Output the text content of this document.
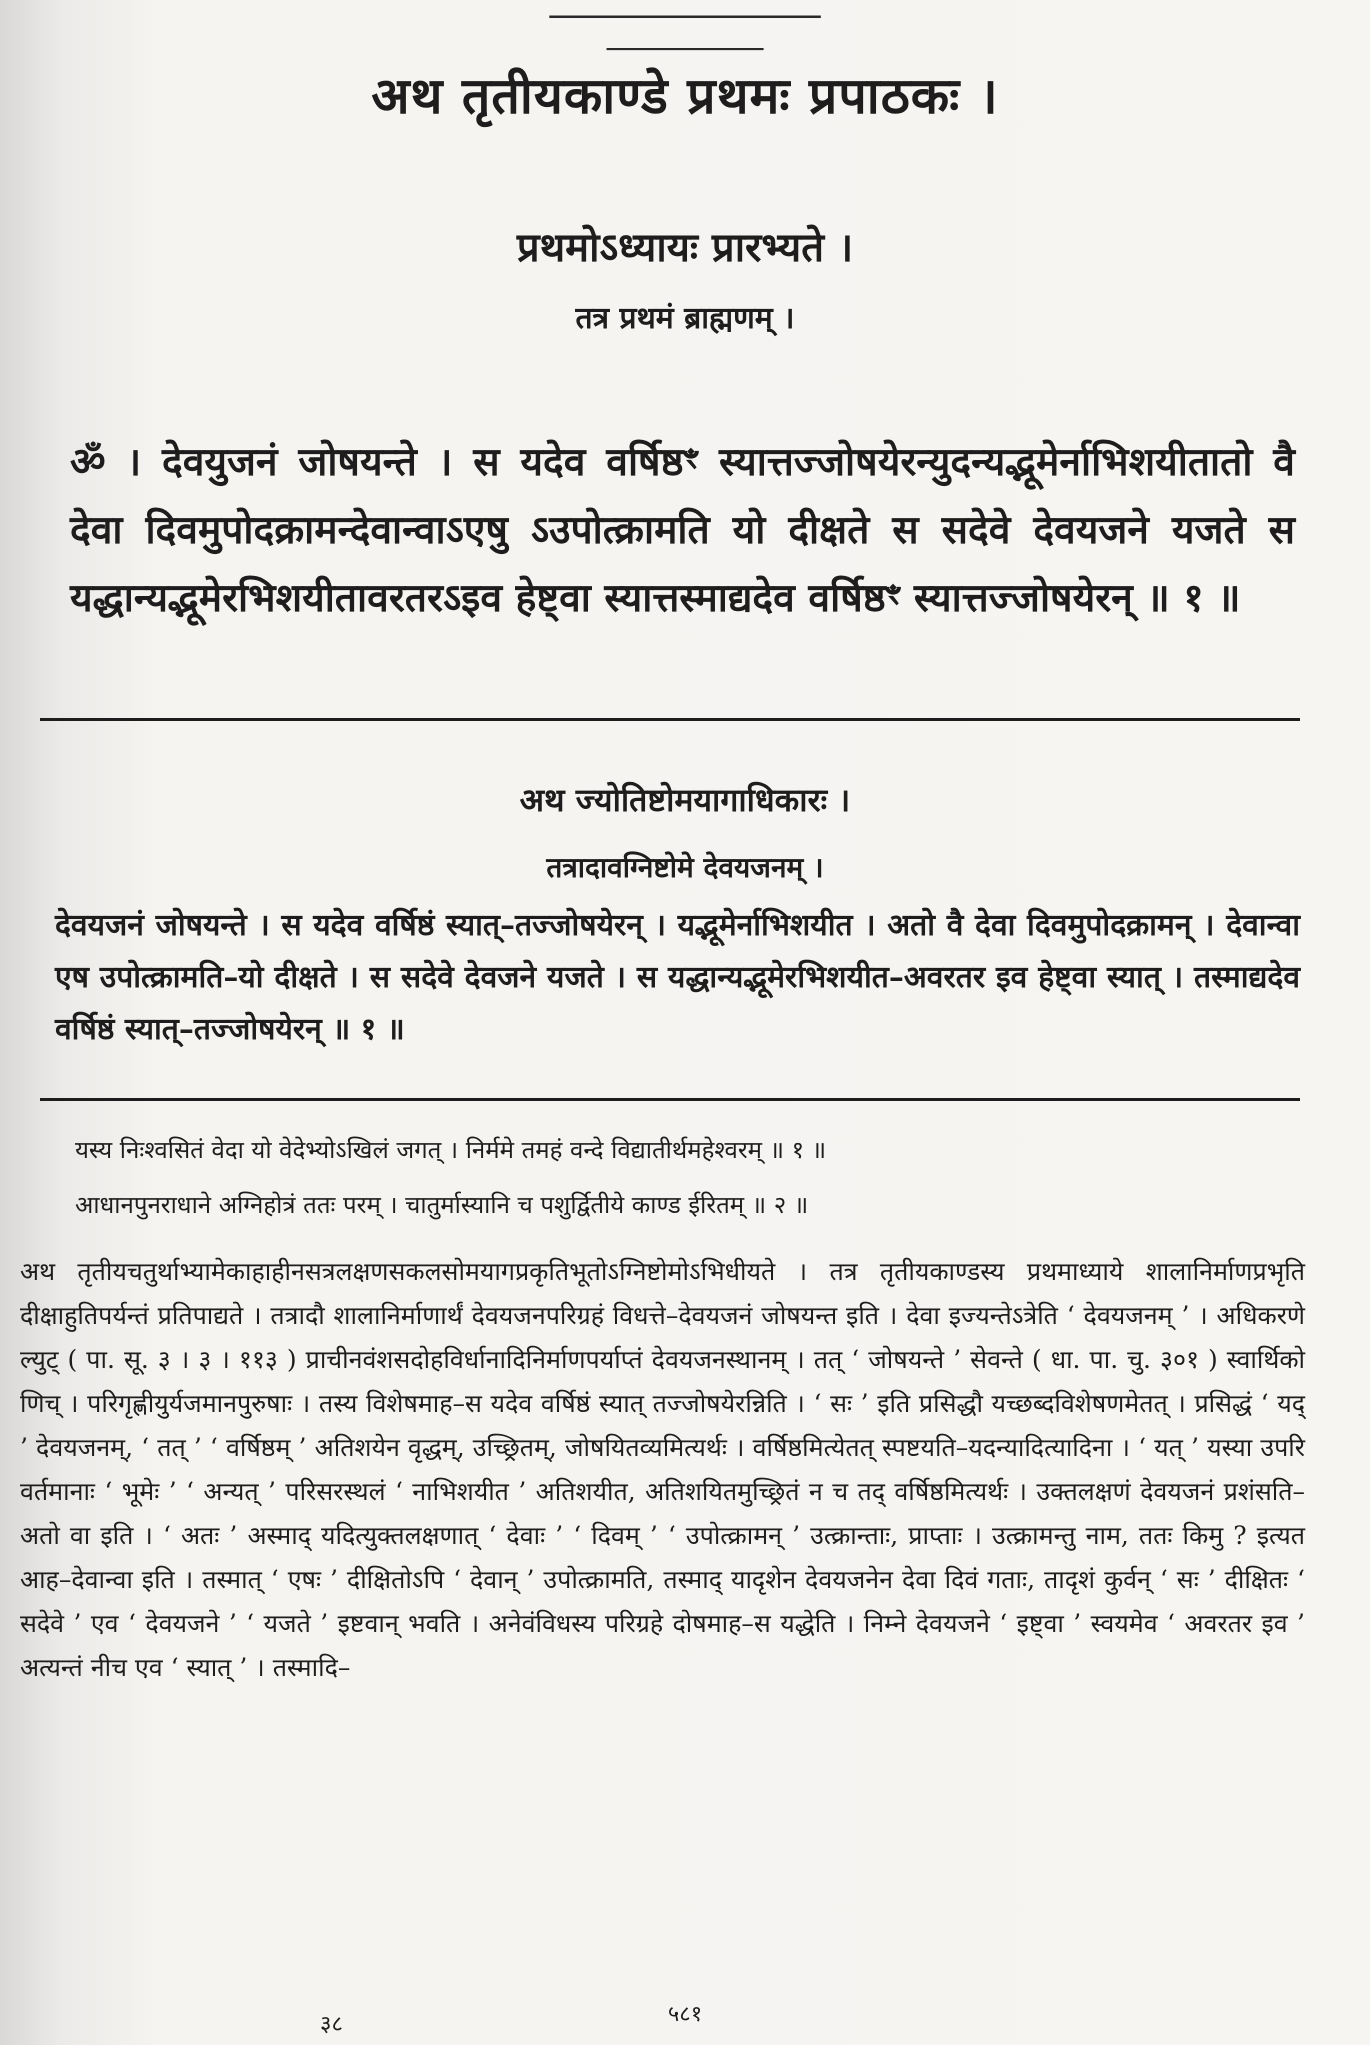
अथ तृतीयकाण्डे प्रथमः प्रपाठकः ।
───────────────
प्रथमोऽध्यायः प्रारभ्यते ।
तत्र प्रथमं ब्राह्मणम् ।
──────────
ॐ । देवयुजनं जोषयन्ते । स यदेव वर्षिष्ठꣳ स्यात्तज्जोषयेरन्युदन्यद्भूमेर्नाभिशयीतातो वै देवा दिवमुपोदक्रामन्देवान्वाऽएषु ऽउपोत्क्रामति यो दीक्षते स सदेवे देवयजने यजते स यद्धान्यद्भूमेरभिशयीतावरतरऽइव हेष्ट्वा स्यात्तस्माद्यदेव वर्षिष्ठꣳ स्यात्तज्जोषयेरन् ॥ १ ॥
अथ ज्योतिष्टोमयागाधिकारः ।
तत्रादावग्निष्टोमे देवयजनम् ।
देवयजनं जोषयन्ते । स यदेव वर्षिष्ठं स्यात्–तज्जोषयेरन् । यद्भूमेर्नाभिशयीत । अतो वै देवा दिवमुपोदक्रामन् । देवान्वा एष उपोत्क्रामति–यो दीक्षते । स सदेवे देवजने यजते । स यद्धान्यद्भूमेरभिशयीत–अवरतर इव हेष्ट्वा स्यात् । तस्माद्यदेव वर्षिष्ठं स्यात्–तज्जोषयेरन् ॥ १ ॥
यस्य निःश्वसितं वेदा यो वेदेभ्योऽखिलं जगत् । निर्ममे तमहं वन्दे विद्यातीर्थमहेश्वरम् ॥ १ ॥
आधानपुनराधाने अग्निहोत्रं ततः परम् । चातुर्मास्यानि च पशुर्द्वितीये काण्ड ईरितम् ॥ २ ॥
अथ तृतीयचतुर्थाभ्यामेकाहाहीनसत्रलक्षणसकलसोमयागप्रकृतिभूतोऽग्निष्टोमोऽभिधीयते । तत्र तृतीयकाण्डस्य प्रथमाध्याये शालानिर्माणप्रभृति दीक्षाहुतिपर्यन्तं प्रतिपाद्यते । तत्रादौ शालानिर्माणार्थं देवयजनपरिग्रहं विधत्ते–देवयजनं जोषयन्त इति । देवा इज्यन्तेऽत्रेति ‘ देवयजनम् ’ । अधिकरणे ल्युट् ( पा. सू. ३ । ३ । ११३ ) प्राचीनवंशसदोहविर्धानादिनिर्माणपर्याप्तं देवयजनस्थानम् । तत् ‘ जोषयन्ते ’ सेवन्ते ( धा. पा. चु. ३०१ ) स्वार्थिको णिच् । परिगृह्णीयुर्यजमानपुरुषाः । तस्य विशेषमाह–स यदेव वर्षिष्ठं स्यात् तज्जोषयेरन्निति । ‘ सः ’ इति प्रसिद्धौ यच्छब्दविशेषणमेतत् । प्रसिद्धं ‘ यद् ’ देवयजनम्, ‘ तत् ’ ‘ वर्षिष्ठम् ’ अतिशयेन वृद्धम्, उच्छ्रितम्, जोषयितव्यमित्यर्थः । वर्षिष्ठमित्येतत् स्पष्टयति–यदन्यादित्यादिना । ‘ यत् ’ यस्या उपरि वर्तमानाः ‘ भूमेः ’ ‘ अन्यत् ’ परिसरस्थलं ‘ नाभिशयीत ’ अतिशयीत, अतिशयितमुच्छ्रितं न च तद् वर्षिष्ठमित्यर्थः । उक्तलक्षणं देवयजनं प्रशंसति–अतो वा इति । ‘ अतः ’ अस्माद् यदित्युक्तलक्षणात् ‘ देवाः ’ ‘ दिवम् ’ ‘ उपोत्क्रामन् ’ उत्क्रान्ताः, प्राप्ताः । उत्क्रामन्तु नाम, ततः किमु ? इत्यत आह–देवान्वा इति । तस्मात् ‘ एषः ’ दीक्षितोऽपि ‘ देवान् ’ उपोत्क्रामति, तस्माद् यादृशेन देवयजनेन देवा दिवं गताः, तादृशं कुर्वन् ‘ सः ’ दीक्षितः ‘ सदेवे ’ एव ‘ देवयजने ’ ‘ यजते ’ इष्टवान् भवति । अनेवंविधस्य परिग्रहे दोषमाह–स यद्धेति । निम्ने देवयजने ‘ इष्ट्वा ’ स्वयमेव ‘ अवरतर इव ’ अत्यन्तं नीच एव ‘ स्यात् ’ । तस्मादि–
५८१
३८
